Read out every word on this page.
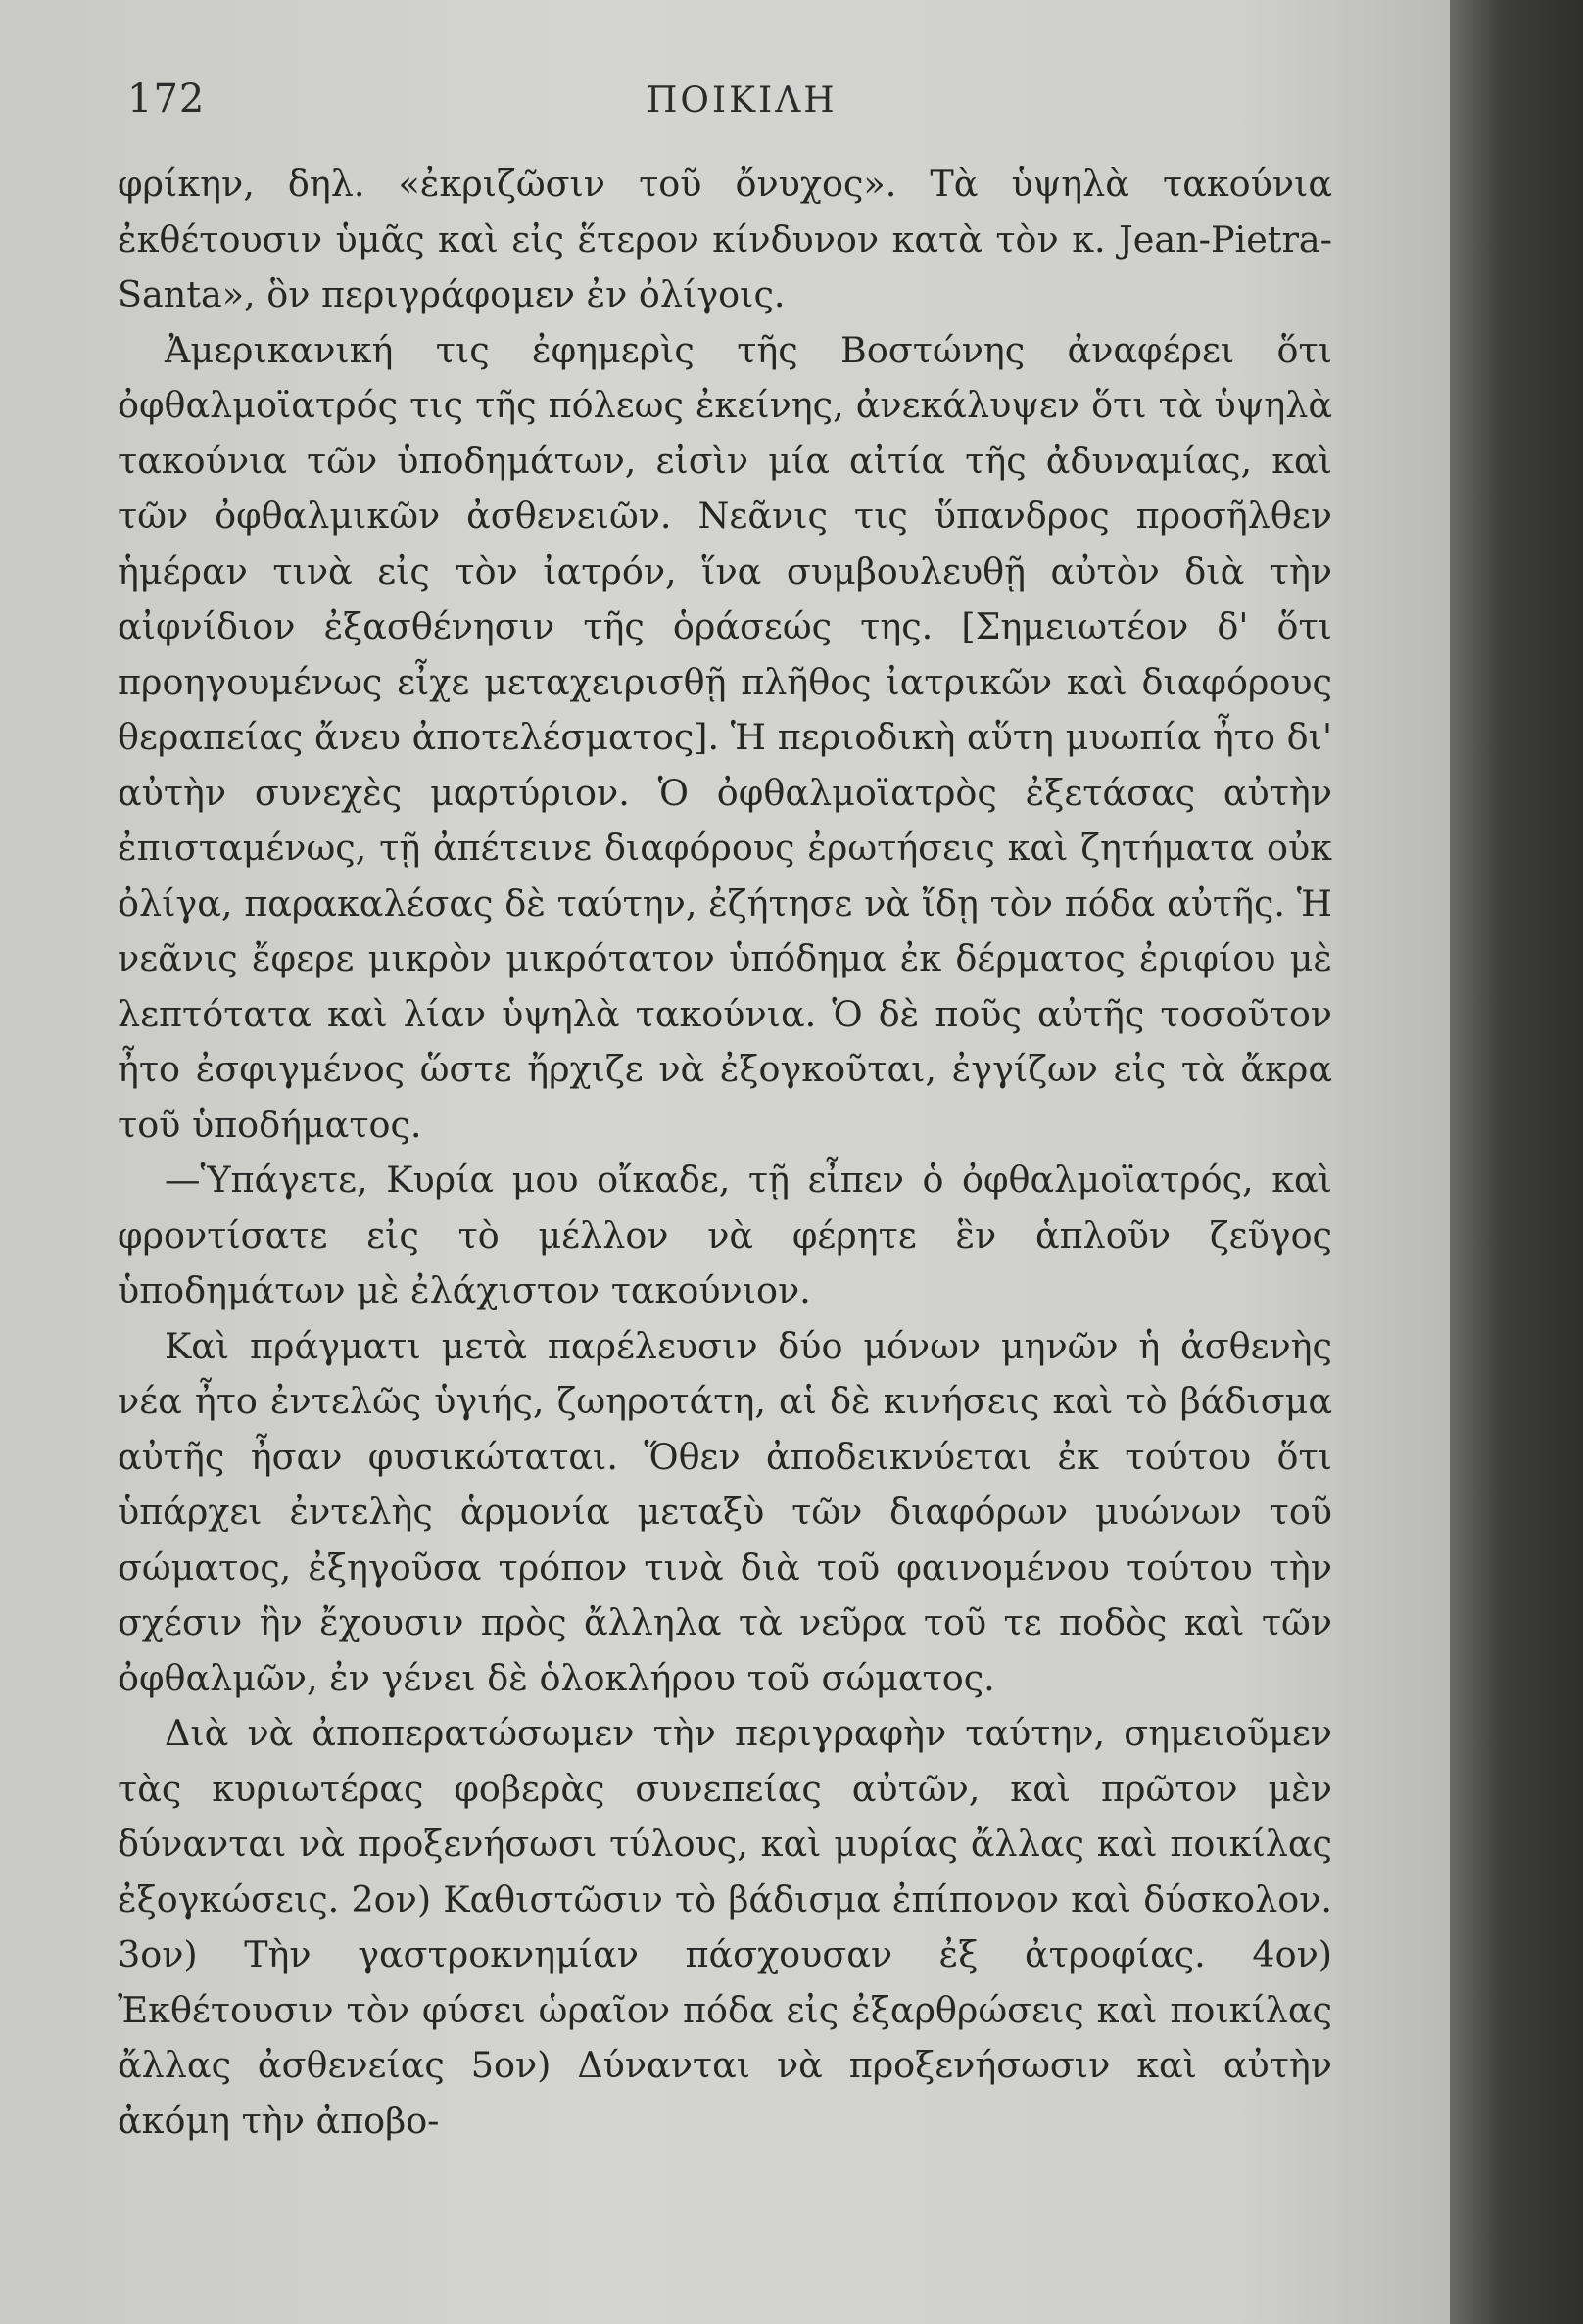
172	ΠΟΙΚΙΛΗ

φρίκην, δηλ. «ἐκριζῶσιν τοῦ ὄνυχος». Τὰ ὑψηλὰ τακούνια ἐκθέτουσιν ὑμᾶς καὶ εἰς ἕτερον κίνδυνον κατὰ τὸν κ. Jean-Pietra-Santa», ὃν περιγράφομεν ἐν ὀλίγοις.

Ἀμερικανική τις ἐφημερὶς τῆς Βοστώνης ἀναφέρει ὅτι ὀφθαλμοϊατρός τις τῆς πόλεως ἐκείνης, ἀνεκάλυψεν ὅτι τὰ ὑψηλὰ τακούνια τῶν ὑποδημάτων, εἰσὶν μία αἰτία τῆς ἀδυναμίας, καὶ τῶν ὀφθαλμικῶν ἀσθενειῶν. Νεᾶνις τις ὕπανδρος προσῆλθεν ἡμέραν τινὰ εἰς τὸν ἰατρόν, ἵνα συμβουλευθῇ αὐτὸν διὰ τὴν αἰφνίδιον ἐξασθένησιν τῆς ὁράσεώς της. [Σημειωτέον δ' ὅτι προηγουμένως εἶχε μεταχειρισθῇ πλῆθος ἰατρικῶν καὶ διαφόρους θεραπείας ἄνευ ἀποτελέσματος]. Ἡ περιοδικὴ αὕτη μυωπία ἦτο δι' αὐτὴν συνεχὲς μαρτύριον. Ὁ ὀφθαλμοϊατρὸς ἐξετάσας αὐτὴν ἐπισταμένως, τῇ ἀπέτεινε διαφόρους ἐρωτήσεις καὶ ζητήματα οὐκ ὀλίγα, παρακαλέσας δὲ ταύτην, ἐζήτησε νὰ ἴδῃ τὸν πόδα αὐτῆς. Ἡ νεᾶνις ἔφερε μικρὸν μικρότατον ὑπόδημα ἐκ δέρματος ἐριφίου μὲ λεπτότατα καὶ λίαν ὑψηλὰ τακούνια. Ὁ δὲ ποῦς αὐτῆς τοσοῦτον ἦτο ἐσφιγμένος ὥστε ἤρχιζε νὰ ἐξογκοῦται, ἐγγίζων εἰς τὰ ἄκρα τοῦ ὑποδήματος.

—Ὑπάγετε, Κυρία μου οἴκαδε, τῇ εἶπεν ὁ ὀφθαλμοϊατρός, καὶ φροντίσατε εἰς τὸ μέλλον νὰ φέρητε ἓν ἁπλοῦν ζεῦγος ὑποδημάτων μὲ ἐλάχιστον τακούνιον.

Καὶ πράγματι μετὰ παρέλευσιν δύο μόνων μηνῶν ἡ ἀσθενὴς νέα ἦτο ἐντελῶς ὑγιής, ζωηροτάτη, αἱ δὲ κινήσεις καὶ τὸ βάδισμα αὐτῆς ἦσαν φυσικώταται. Ὅθεν ἀποδεικνύεται ἐκ τούτου ὅτι ὑπάρχει ἐντελὴς ἁρμονία μεταξὺ τῶν διαφόρων μυώνων τοῦ σώματος, ἐξηγοῦσα τρόπον τινὰ διὰ τοῦ φαινομένου τούτου τὴν σχέσιν ἣν ἔχουσιν πρὸς ἄλληλα τὰ νεῦρα τοῦ τε ποδὸς καὶ τῶν ὀφθαλμῶν, ἐν γένει δὲ ὁλοκλήρου τοῦ σώματος.

Διὰ νὰ ἀποπερατώσωμεν τὴν περιγραφὴν ταύτην, σημειοῦμεν τὰς κυριωτέρας φοβερὰς συνεπείας αὐτῶν, καὶ πρῶτον μὲν δύνανται νὰ προξενήσωσι τύλους, καὶ μυρίας ἄλλας καὶ ποικίλας ἐξογκώσεις. 2ον) Καθιστῶσιν τὸ βάδισμα ἐπίπονον καὶ δύσκολον. 3ον) Τὴν γαστροκνημίαν πάσχουσαν ἐξ ἀτροφίας. 4ον) Ἐκθέτουσιν τὸν φύσει ὡραῖον πόδα εἰς ἐξαρθρώσεις καὶ ποικίλας ἄλλας ἀσθενείας 5ον) Δύνανται νὰ προξενήσωσιν καὶ αὐτὴν ἀκόμη τὴν ἀποβο-
